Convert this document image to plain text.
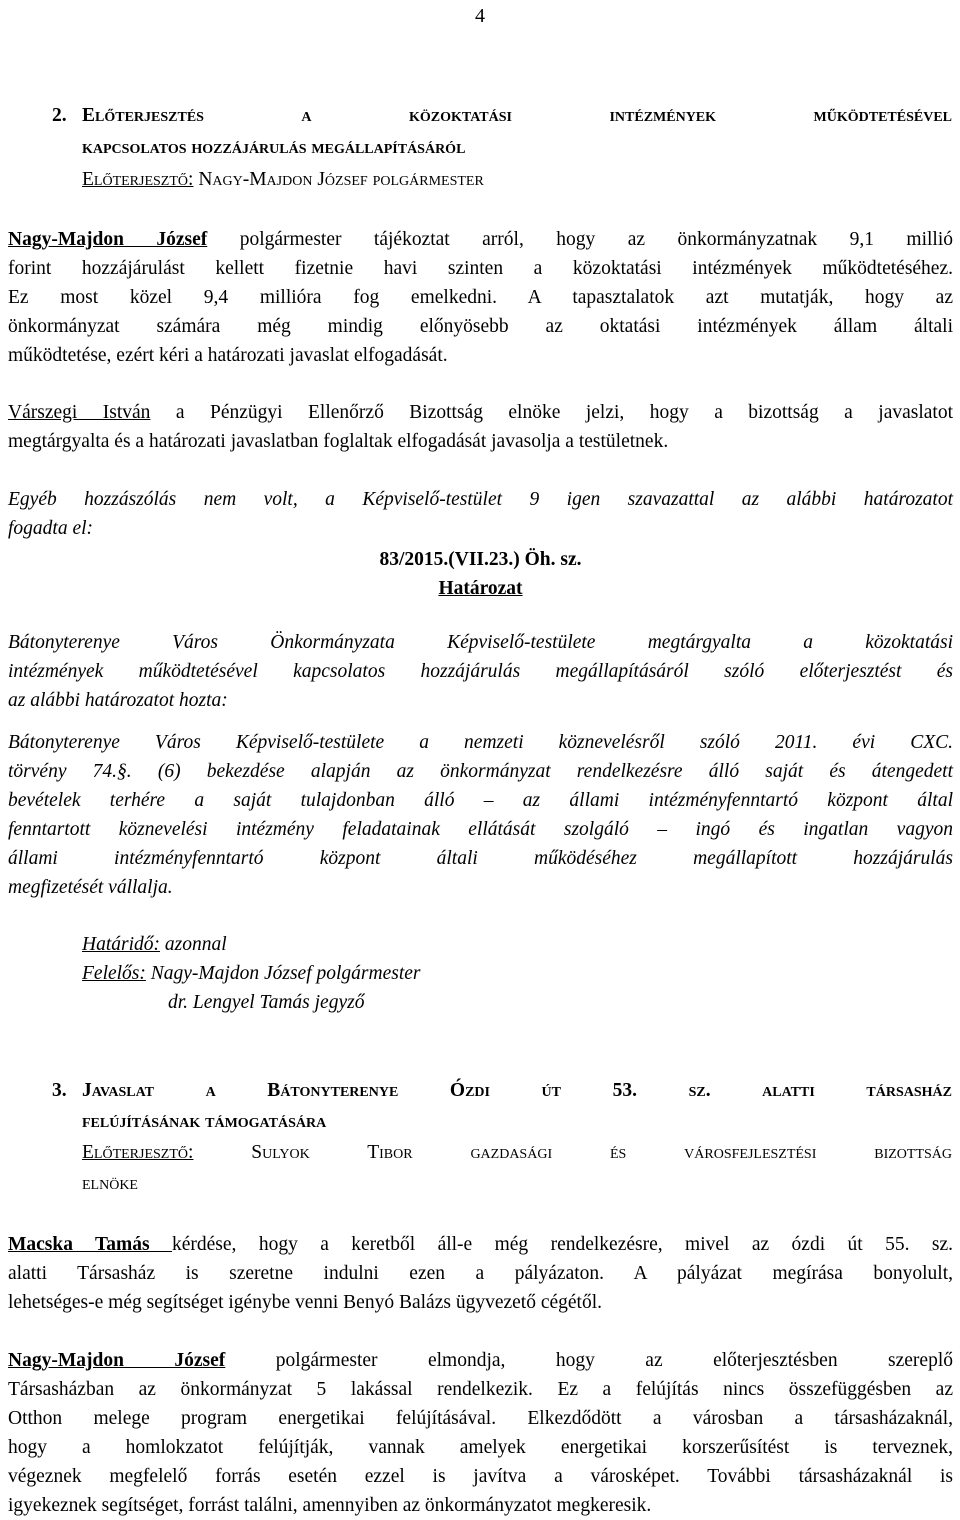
4
2. Előterjesztés a közoktatási intézmények működtetésével
kapcsolatos hozzájárulás megállapításáról
Előterjesztő: Nagy-Majdon József polgármester
Nagy-Majdon József polgármester tájékoztat arról, hogy az önkormányzatnak 9,1 millió
forint hozzájárulást kellett fizetnie havi szinten a közoktatási intézmények működtetéséhez.
Ez most közel 9,4 millióra fog emelkedni. A tapasztalatok azt mutatják, hogy az
önkormányzat számára még mindig előnyösebb az oktatási intézmények állam általi
működtetése, ezért kéri a határozati javaslat elfogadását.
Várszegi István a Pénzügyi Ellenőrző Bizottság elnöke jelzi, hogy a bizottság a javaslatot
megtárgyalta és a határozati javaslatban foglaltak elfogadását javasolja a testületnek.
Egyéb hozzászólás nem volt, a Képviselő-testület 9 igen szavazattal az alábbi határozatot
fogadta el:
83/2015.(VII.23.) Öh. sz.
Határozat
Bátonyterenye Város Önkormányzata Képviselő-testülete megtárgyalta a közoktatási
intézmények működtetésével kapcsolatos hozzájárulás megállapításáról szóló előterjesztést és
az alábbi határozatot hozta:
Bátonyterenye Város Képviselő-testülete a nemzeti köznevelésről szóló 2011. évi CXC.
törvény 74.§. (6) bekezdése alapján az önkormányzat rendelkezésre álló saját és átengedett
bevételek terhére a saját tulajdonban álló – az állami intézményfenntartó központ által
fenntartott köznevelési intézmény feladatainak ellátását szolgáló – ingó és ingatlan vagyon
állami intézményfenntartó központ általi működéséhez megállapított hozzájárulás
megfizetését vállalja.
Határidő: azonnal
Felelős: Nagy-Majdon József polgármester
dr. Lengyel Tamás jegyző
3. Javaslat a Bátonyterenye Ózdi út 53. sz. alatti társasház
felújításának támogatására
Előterjesztő:	Sulyok Tibor gazdasági és városfejlesztési bizottság
elnöke
Macska Tamás kérdése, hogy a keretből áll-e még rendelkezésre, mivel az ózdi út 55. sz.
alatti Társasház is szeretne indulni ezen a pályázaton. A pályázat megírása bonyolult,
lehetséges-e még segítséget igénybe venni Benyó Balázs ügyvezető cégétől.
Nagy-Majdon József polgármester elmondja, hogy az előterjesztésben szereplő
Társasházban az önkormányzat 5 lakással rendelkezik. Ez a felújítás nincs összefüggésben az
Otthon melege program energetikai felújításával. Elkezdődött a városban a társasházaknál,
hogy a homlokzatot felújítják, vannak amelyek energetikai korszerűsítést is terveznek,
végeznek megfelelő forrás esetén ezzel is javítva a városképet. További társasházaknál is
igyekeznek segítséget, forrást találni, amennyiben az önkormányzatot megkeresik.
